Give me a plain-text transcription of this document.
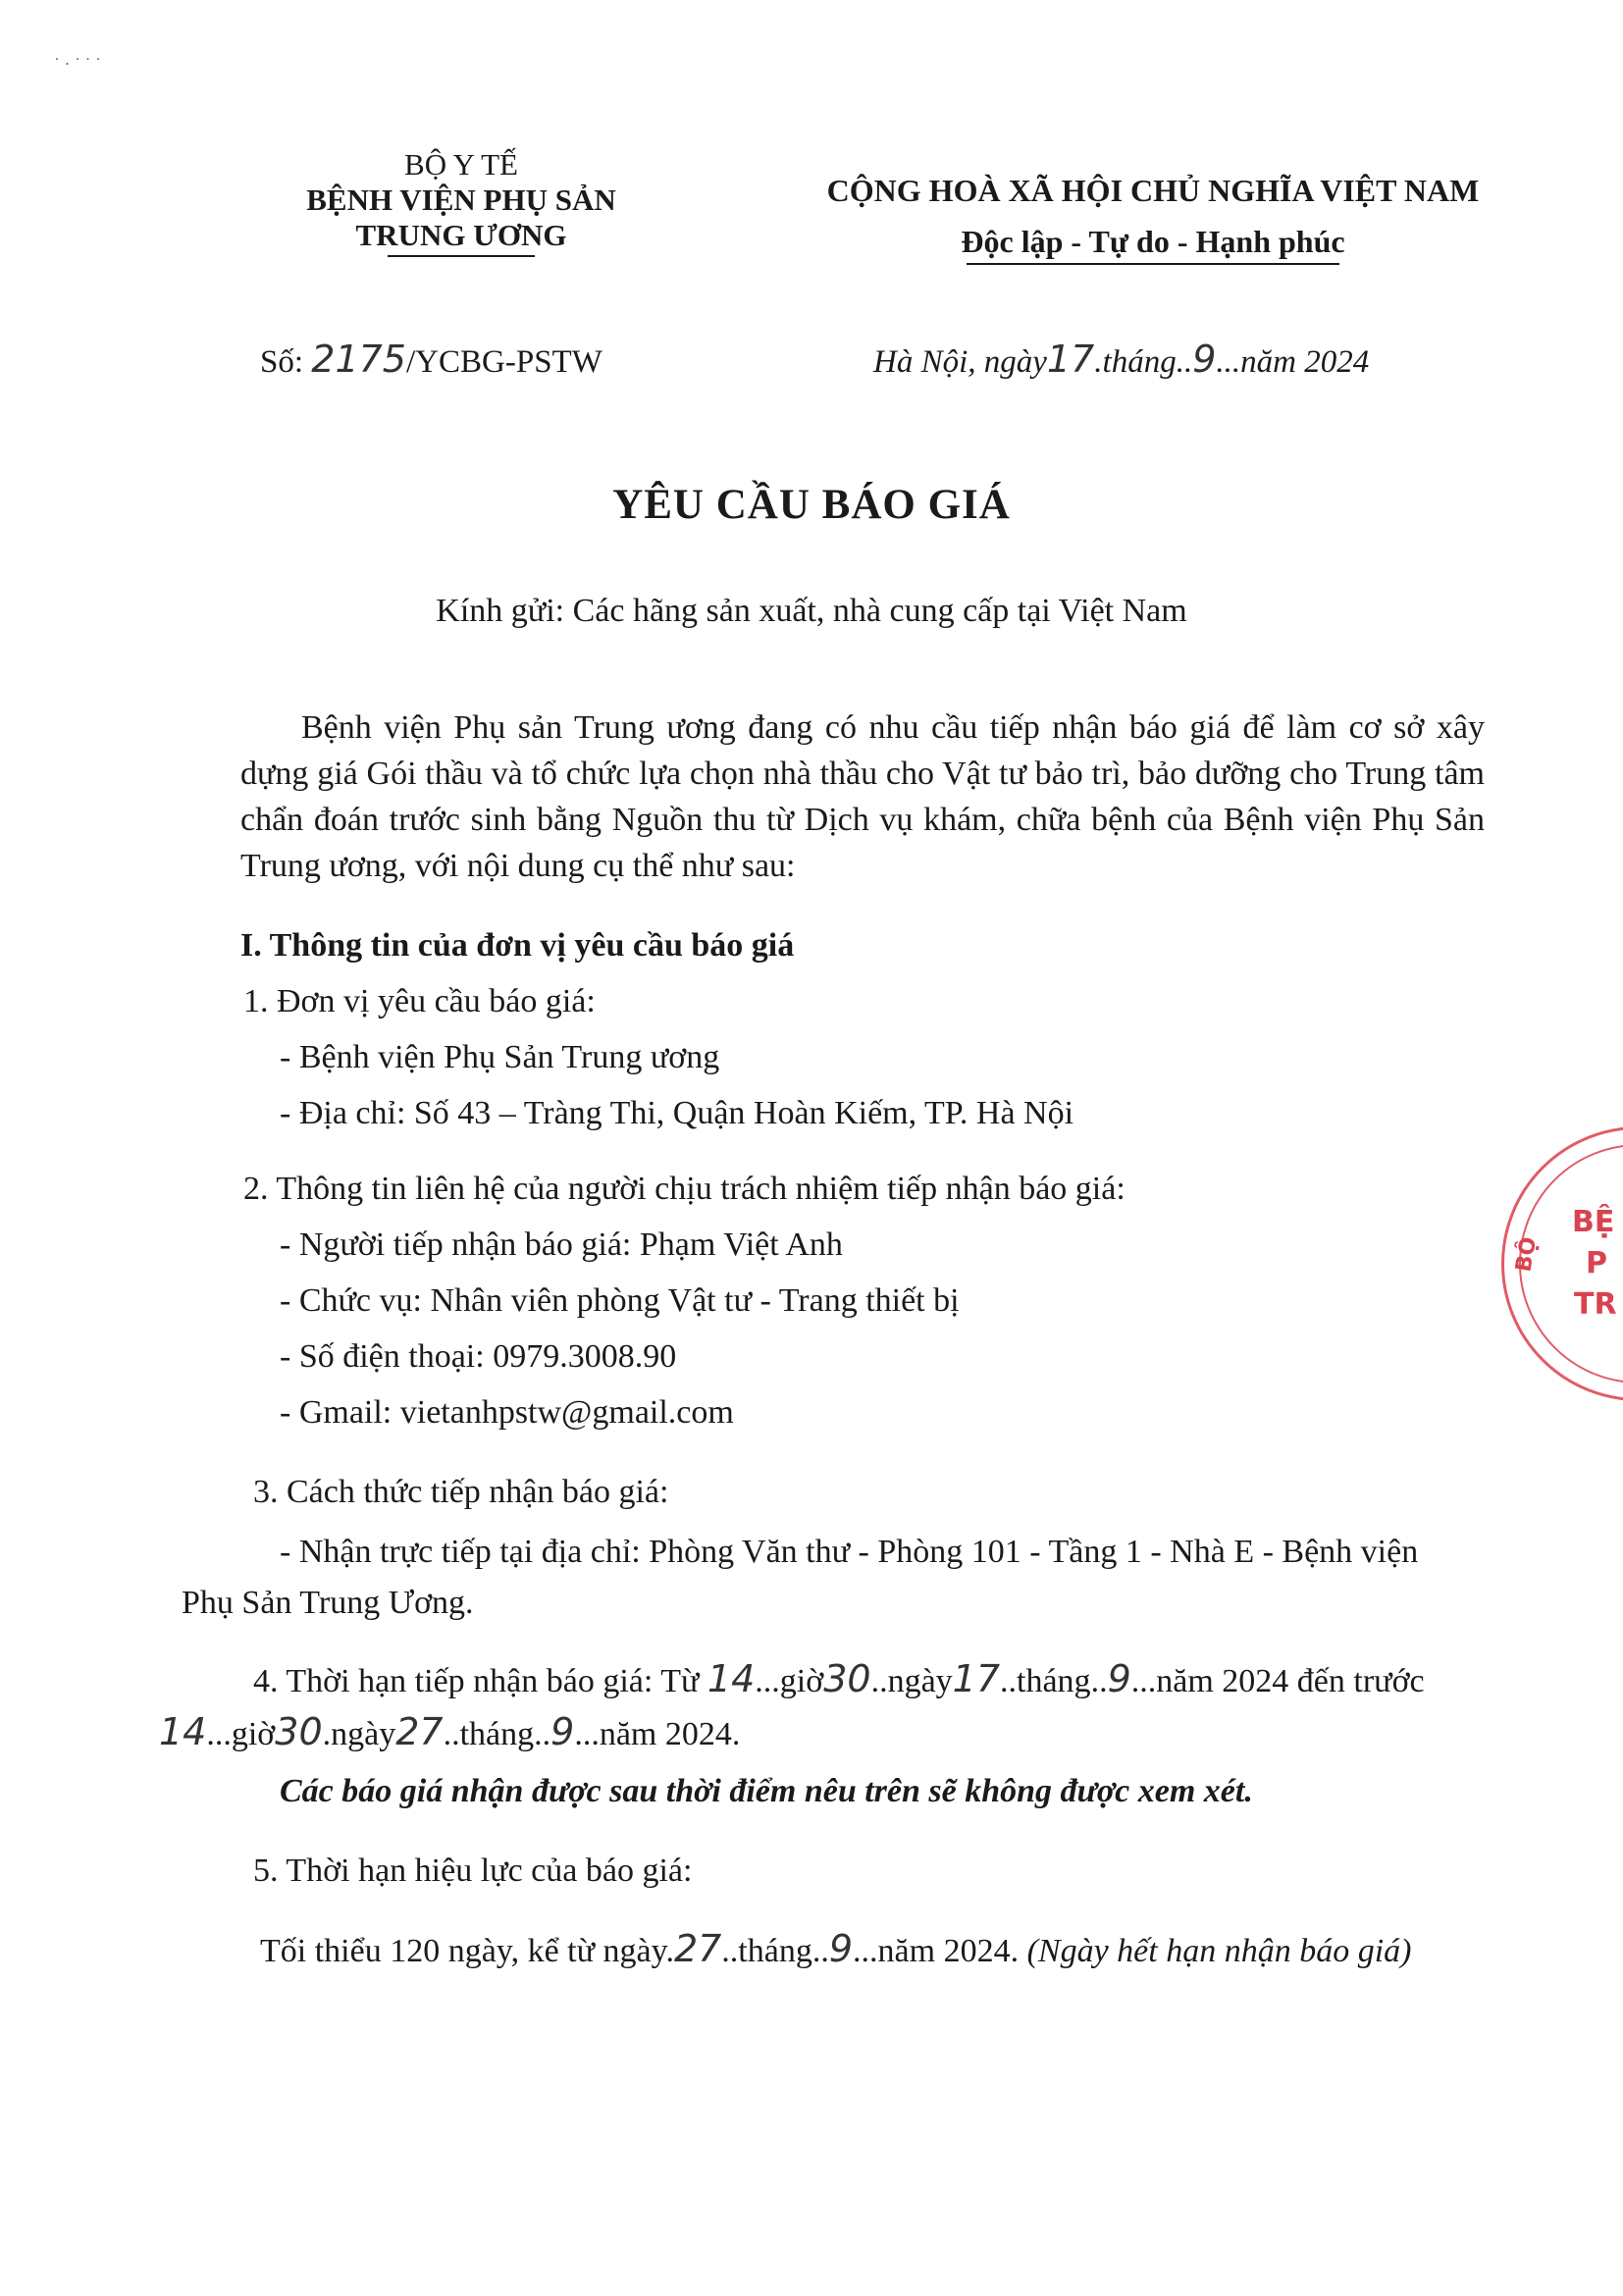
˙ · ˙ ˙ ˙
BỘ Y TẾ
BỆNH VIỆN PHỤ SẢN
TRUNG ƯƠNG
CỘNG HOÀ XÃ HỘI CHỦ NGHĨA VIỆT NAM
Độc lập - Tự do - Hạnh phúc
Số: 2175/YCBG-PSTW	Hà Nội, ngày17.tháng..9...năm 2024
YÊU CẦU BÁO GIÁ
Kính gửi: Các hãng sản xuất, nhà cung cấp tại Việt Nam
Bệnh viện Phụ sản Trung ương đang có nhu cầu tiếp nhận báo giá để làm cơ sở xây dựng giá Gói thầu và tổ chức lựa chọn nhà thầu cho Vật tư bảo trì, bảo dưỡng cho Trung tâm chẩn đoán trước sinh bằng Nguồn thu từ Dịch vụ khám, chữa bệnh của Bệnh viện Phụ Sản Trung ương, với nội dung cụ thể như sau:
I. Thông tin của đơn vị yêu cầu báo giá
1. Đơn vị yêu cầu báo giá:
- Bệnh viện Phụ Sản Trung ương
- Địa chỉ: Số 43 – Tràng Thi, Quận Hoàn Kiếm, TP. Hà Nội
2. Thông tin liên hệ của người chịu trách nhiệm tiếp nhận báo giá:
- Người tiếp nhận báo giá: Phạm Việt Anh
- Chức vụ: Nhân viên phòng Vật tư - Trang thiết bị
- Số điện thoại: 0979.3008.90
- Gmail: vietanhpstw@gmail.com
3. Cách thức tiếp nhận báo giá:
- Nhận trực tiếp tại địa chỉ: Phòng Văn thư - Phòng 101 - Tầng 1 - Nhà E - Bệnh viện
Phụ Sản Trung Ương.
4. Thời hạn tiếp nhận báo giá: Từ 14...giờ30..ngày17..tháng..9...năm 2024 đến trước
14...giờ30.ngày27..tháng..9...năm 2024.
Các báo giá nhận được sau thời điểm nêu trên sẽ không được xem xét.
5. Thời hạn hiệu lực của báo giá:
Tối thiểu 120 ngày, kể từ ngày.27..tháng..9...năm 2024. (Ngày hết hạn nhận báo giá)
BỘ
BỆ
P
TR
